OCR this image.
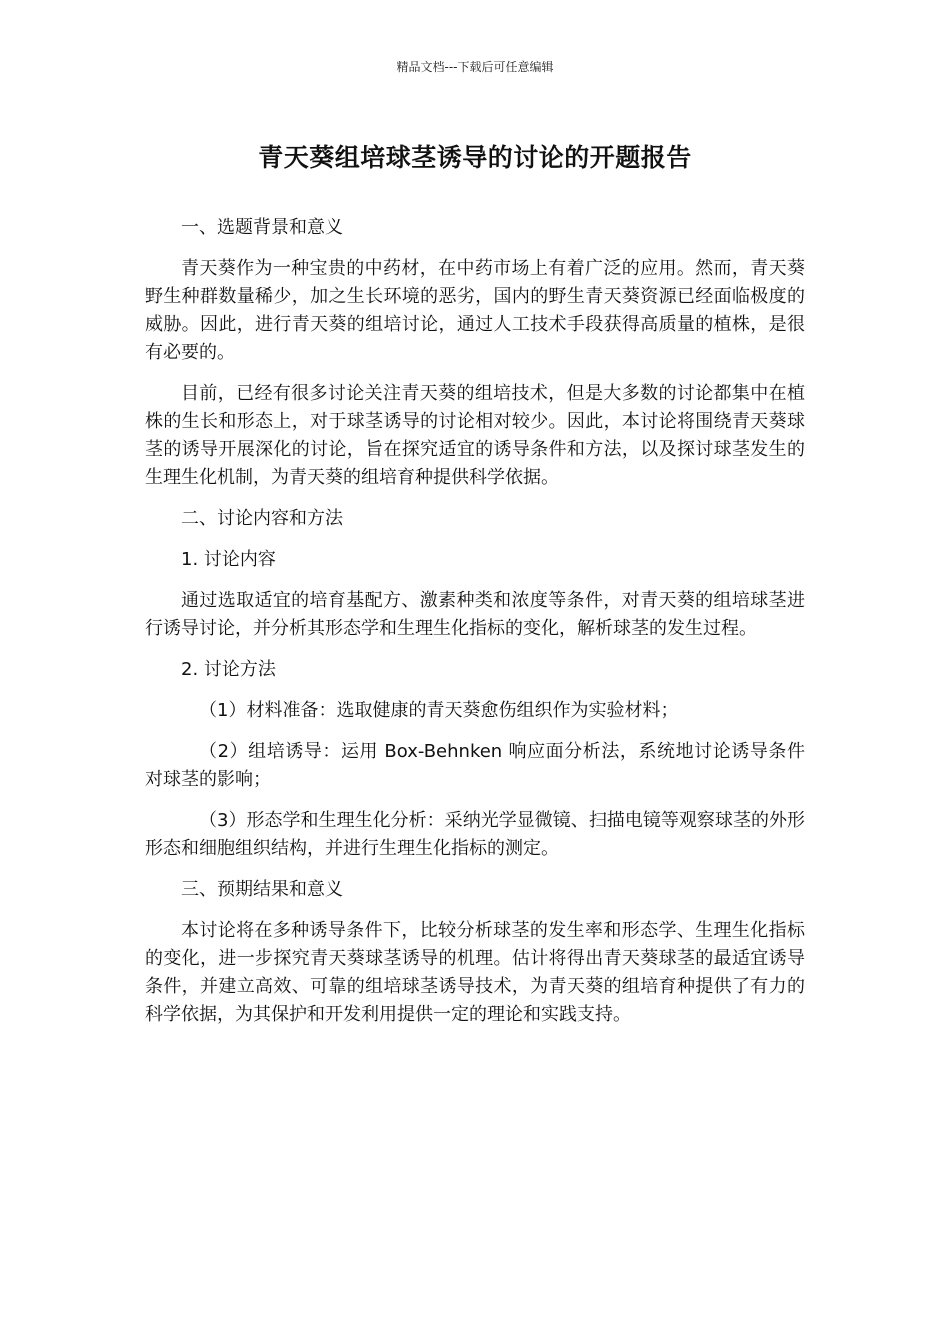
精品文档---下载后可任意编辑
青天葵组培球茎诱导的讨论的开题报告
一、选题背景和意义
青天葵作为一种宝贵的中药材，在中药市场上有着广泛的应用。然而，青天葵野生种群数量稀少，加之生长环境的恶劣，国内的野生青天葵资源已经面临极度的威胁。因此，进行青天葵的组培讨论，通过人工技术手段获得高质量的植株，是很有必要的。
目前，已经有很多讨论关注青天葵的组培技术，但是大多数的讨论都集中在植株的生长和形态上，对于球茎诱导的讨论相对较少。因此，本讨论将围绕青天葵球茎的诱导开展深化的讨论，旨在探究适宜的诱导条件和方法，以及探讨球茎发生的生理生化机制，为青天葵的组培育种提供科学依据。
二、讨论内容和方法
1. 讨论内容
通过选取适宜的培育基配方、激素种类和浓度等条件，对青天葵的组培球茎进行诱导讨论，并分析其形态学和生理生化指标的变化，解析球茎的发生过程。
2. 讨论方法
（1）材料准备：选取健康的青天葵愈伤组织作为实验材料；
（2）组培诱导：运用 Box-Behnken 响应面分析法，系统地讨论诱导条件对球茎的影响；
（3）形态学和生理生化分析：采纳光学显微镜、扫描电镜等观察球茎的外形形态和细胞组织结构，并进行生理生化指标的测定。
三、预期结果和意义
本讨论将在多种诱导条件下，比较分析球茎的发生率和形态学、生理生化指标的变化，进一步探究青天葵球茎诱导的机理。估计将得出青天葵球茎的最适宜诱导条件，并建立高效、可靠的组培球茎诱导技术，为青天葵的组培育种提供了有力的科学依据，为其保护和开发利用提供一定的理论和实践支持。
